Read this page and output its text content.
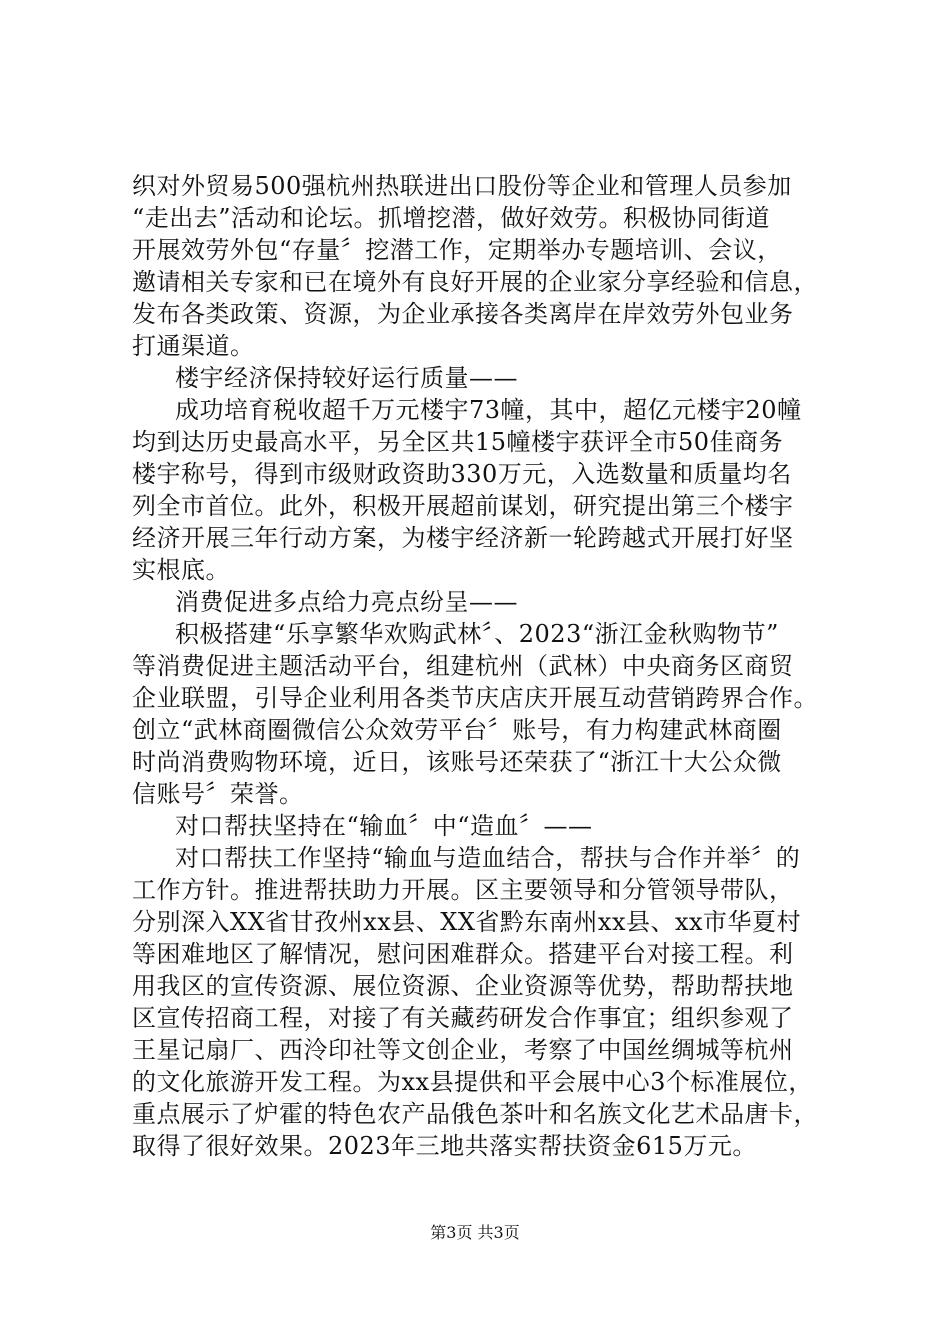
织对外贸易500强杭州热联进出口股份等企业和管理人员参加
“走出去”活动和论坛。抓增挖潜，做好效劳。积极协同街道
开展效劳外包“存量〞挖潜工作，定期举办专题培训、会议，
邀请相关专家和已在境外有良好开展的企业家分享经验和信息，
发布各类政策、资源，为企业承接各类离岸在岸效劳外包业务
打通渠道。
楼宇经济保持较好运行质量——
成功培育税收超千万元楼宇73幢，其中，超亿元楼宇20幢
均到达历史最高水平，另全区共15幢楼宇获评全市50佳商务
楼宇称号，得到市级财政资助330万元，入选数量和质量均名
列全市首位。此外，积极开展超前谋划，研究提出第三个楼宇
经济开展三年行动方案，为楼宇经济新一轮跨越式开展打好坚
实根底。
消费促进多点给力亮点纷呈——
积极搭建“乐享繁华欢购武林〞、2023“浙江金秋购物节”
等消费促进主题活动平台，组建杭州（武林）中央商务区商贸
企业联盟，引导企业利用各类节庆店庆开展互动营销跨界合作。
创立“武林商圈微信公众效劳平台〞账号，有力构建武林商圈
时尚消费购物环境，近日，该账号还荣获了“浙江十大公众微
信账号〞荣誉。
对口帮扶坚持在“输血〞中“造血〞——
对口帮扶工作坚持“输血与造血结合，帮扶与合作并举〞的
工作方针。推进帮扶助力开展。区主要领导和分管领导带队，
分别深入XX省甘孜州xx县、XX省黔东南州xx县、xx市华夏村
等困难地区了解情况，慰问困难群众。搭建平台对接工程。利
用我区的宣传资源、展位资源、企业资源等优势，帮助帮扶地
区宣传招商工程，对接了有关藏药研发合作事宜；组织参观了
王星记扇厂、西泠印社等文创企业，考察了中国丝绸城等杭州
的文化旅游开发工程。为xx县提供和平会展中心3个标准展位，
重点展示了炉霍的特色农产品俄色茶叶和名族文化艺术品唐卡，
取得了很好效果。2023年三地共落实帮扶资金615万元。
第3页 共3页
